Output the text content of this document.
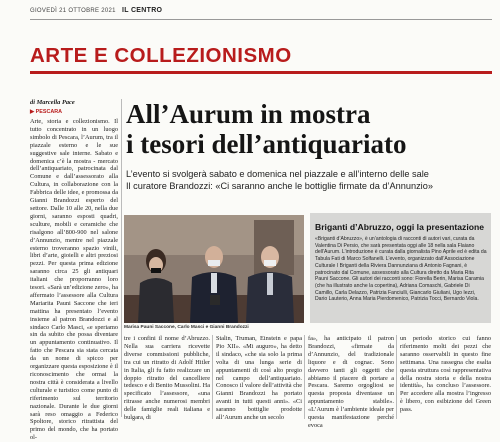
GIOVEDÌ 21 OTTOBRE 2021 IL CENTRO
ARTE E COLLEZIONISMO
di Marcella Pace
▶ PESCARA
Arte, storia e collezionismo. Il tutto concentrato in un luogo simbolo di Pescara, l’Aurum, tra il piazzale esterno e le sue suggestive sale interne. Sabato e domenica c’è la mostra - mercato dell’antiquariato, patrocinata dal Comune e dall’assessorato alla Cultura, in collaborazione con la Fabbrica delle idee, e promossa da Gianni Brandozzi esperto del settore. Dalle 10 alle 20, nella due giorni, saranno esposti quadri, sculture, mobili e ceramiche che risalgono all’800-900 nel salone d’Annunzio, mentre nel piazzale esterno troveranno spazio vinili, libri d’arte, gioielli e altri preziosi pezzi. Per questa prima edizione saranno circa 25 gli antiquari italiani che proporranno loro tesori. «Sarà un’edizione zero», ha affermato l’assessore alla Cultura Mariarita Pauni Saccone che ieri mattina ha presentato l’evento insieme al patron Brandozzi e al sindaco Carlo Masci, «e speriamo sin da subito che possa diventare un appuntamento continuativo. Il fatto che Pescara sia stata cercata da un nome di spicco per organizzare questa esposizione è il riconoscimento che ormai la nostra città è considerata a livello culturale e turistico come punto di riferimento sul territorio nazionale. Durante le due giorni sarà reso omaggio a Federico Spoltore, storico ritrattista del primo del mondo, che ha portato ol-
All’Aurum in mostra
i tesori dell’antiquariato
L’evento si svolgerà sabato e domenica nel piazzale e all’interno delle sale
Il curatore Brandozzi: «Ci saranno anche le bottiglie firmate da d’Annunzio»
Marisa Pauni Saccone, Carlo Masci e Gianni Brandozzi
Briganti d’Abruzzo, oggi la presentazione
«Briganti d’Abruzzo», è un’antologia di racconti di autori vari, curata da Valentina Di Persio, che sarà presentata oggi alle 18 nella sala Flaiano dell’Aurum. L’introduzione è curata dalla giornalista Pino Aprile ed è edita da Tabula Fati di Marco Solfanelli. L’evento, organizzato dall’Associazione Culturale I Briganti della Riviera Dannunziana di Antonio Fagnani, è patrocinato dal Comune, assessorato alla Cultura diretto da Maria Rita Pauni Saccone. Gli autori dei racconti sono: Fiorella Berin, Marisa Caramia (che ha illustrato anche la copertina), Adriana Comaschi, Gabriele Di Camillo, Carla Delazzo, Patrizia Fanciulli, Giancarlo Giuliani, Ugo Iezzi, Dario Lauterio, Anna Maria Pierdomenico, Patrizia Tocci, Bernardo Viola.
tre i confini il nome d’Abruzzo. Nella sua carriera ricevette diverse commissioni pubbliche, tra cui un ritratto di Adolf Hitler in Italia, gli fu fatto realizzare un doppio ritratto del cancelliere tedesco e di Benito Mussolini. Ha specificato l’assessore, «una ritrasse anche numerosi membri delle famiglie reali italiana e bulgara, di
Stalin, Truman, Einstein e papa Pio XII». «Mi auguro», ha detto il sindaco, «che sia solo la prima volta di una lunga serie di appuntamenti di così alto pregio nel campo dell’antiquariato. Conosco il valore dell’attività che Gianni Brandozzi ha portato avanti in tutti questi anni». «Ci saranno bottiglie prodotte all’Aurum anche un secolo
fa», ha anticipato il patron Brandozzi, «firmate da d’Annunzio, del tradizionale liquore e di cognac. Sono davvero tanti gli oggetti che abbiamo il piacere di portare a Pescara. Saremo orgogliosi se questa proposta diventasse un appuntamento stabile». «L’Aurum è l’ambiente ideale per questa manifestazione perché evoca
un periodo storico cui fanno riferimento molti dei pezzi che saranno osservabili in questo fine settimana. Una rassegna che esalta questa struttura così rappresentativa della nostra storia e della nostra identità», ha concluso l’assessore. Per accedere alla mostra l’ingresso è libero, con esibizione del Green pass.
